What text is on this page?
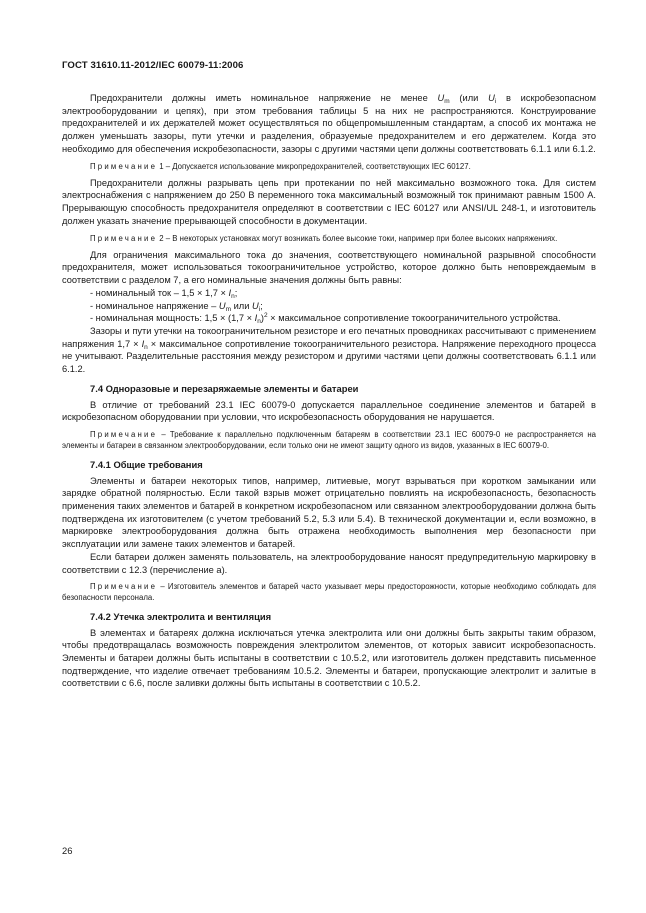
ГОСТ 31610.11-2012/IEC 60079-11:2006

Предохранители должны иметь номинальное напряжение не менее $U_m$ (или $U_i$ в искробезопасном электрооборудовании и цепях), при этом требования таблицы 5 на них не распространяются. Конструирование предохранителей и их держателей может осуществляться по общепромышленным стандартам, а способ их монтажа не должен уменьшать зазоры, пути утечки и разделения, образуемые предохранителем и его держателем. Когда это необходимо для обеспечения искробезопасности, зазоры с другими частями цепи должны соответствовать 6.1.1 или 6.1.2.

Примечание 1 – Допускается использование микропредохранителей, соответствующих IEC 60127.

Предохранители должны разрывать цепь при протекании по ней максимально возможного тока. Для систем электроснабжения с напряжением до 250 В переменного тока максимальный возможный ток принимают равным 1500 А. Прерывающую способность предохранителя определяют в соответствии с IEC 60127 или ANSI/UL 248-1, и изготовитель должен указать значение прерывающей способности в документации.

Примечание 2 – В некоторых установках могут возникать более высокие токи, например при более высоких напряжениях.

Для ограничения максимального тока до значения, соответствующего номинальной разрывной способности предохранителя, может использоваться токоограничительное устройство, которое должно быть неповреждаемым в соответствии с разделом 7, а его номинальные значения должны быть равны:

- номинальный ток – $1,5 \times 1,7 \times I_n$;

- номинальное напряжение – $U_m$ или $U_i$;

- номинальная мощность: $1,5 \times (1,7 \times I_n)^2$ × максимальное сопротивление токоограничительного устройства.

Зазоры и пути утечки на токоограничительном резисторе и его печатных проводниках рассчитывают с применением напряжения $1,7 \times I_n$ × максимальное сопротивление токоограничительного резистора. Напряжение переходного процесса не учитывают. Разделительные расстояния между резистором и другими частями цепи должны соответствовать 6.1.1 или 6.1.2.

7.4 Одноразовые и перезаряжаемые элементы и батареи

В отличие от требований 23.1 IEC 60079-0 допускается параллельное соединение элементов и батарей в искробезопасном оборудовании при условии, что искробезопасность оборудования не нарушается.

Примечание – Требование к параллельно подключенным батареям в соответствии 23.1 IEC 60079-0 не распространяется на элементы и батареи в связанном электрооборудовании, если только они не имеют защиту одного из видов, указанных в IEC 60079-0.

7.4.1 Общие требования

Элементы и батареи некоторых типов, например, литиевые, могут взрываться при коротком замыкании или зарядке обратной полярностью. Если такой взрыв может отрицательно повлиять на искробезопасность, безопасность применения таких элементов и батарей в конкретном искробезопасном или связанном электрооборудовании должна быть подтверждена их изготовителем (с учетом требований 5.2, 5.3 или 5.4). В технической документации и, если возможно, в маркировке электрооборудования должна быть отражена необходимость выполнения мер безопасности при эксплуатации или замене таких элементов и батарей.

Если батареи должен заменять пользователь, на электрооборудование наносят предупредительную маркировку в соответствии с 12.3 (перечисление а).

Примечание – Изготовитель элементов и батарей часто указывает меры предосторожности, которые необходимо соблюдать для безопасности персонала.

7.4.2 Утечка электролита и вентиляция

В элементах и батареях должна исключаться утечка электролита или они должны быть закрыты таким образом, чтобы предотвращалась возможность повреждения электролитом элементов, от которых зависит искробезопасность. Элементы и батареи должны быть испытаны в соответствии с 10.5.2, или изготовитель должен представить письменное подтверждение, что изделие отвечает требованиям 10.5.2. Элементы и батареи, пропускающие электролит и залитые в соответствии с 6.6, после заливки должны быть испытаны в соответствии с 10.5.2.

26
